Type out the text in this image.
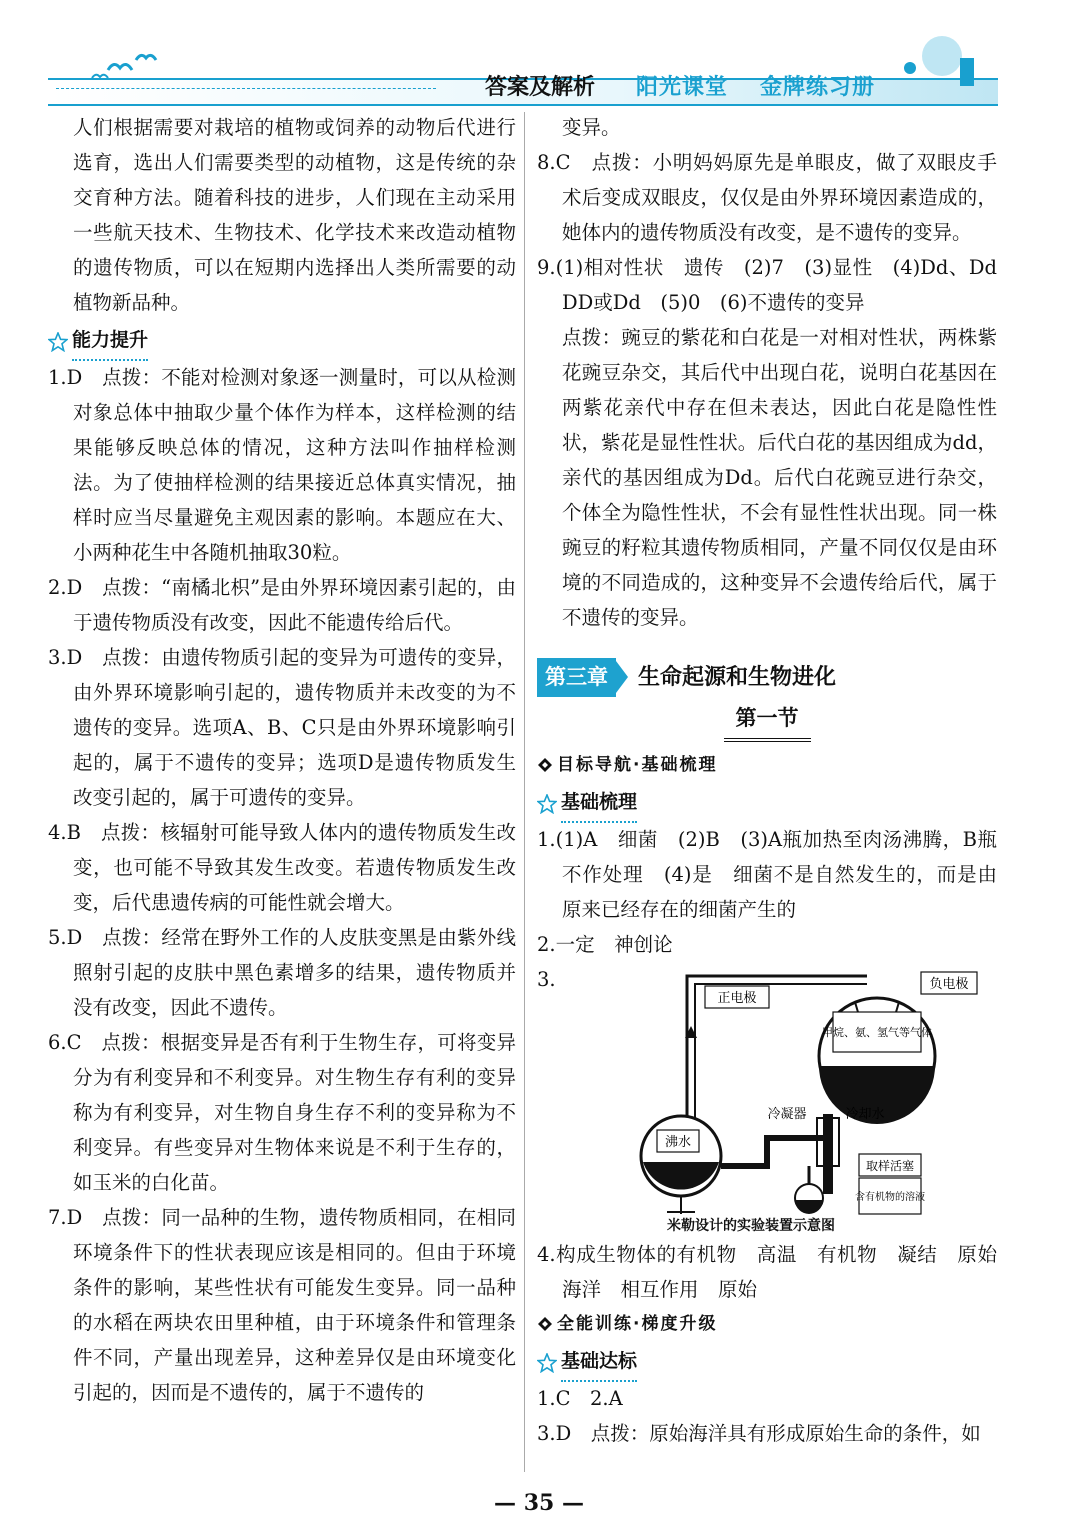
答案及解析 阳光课堂 金牌练习册

人们根据需要对栽培的植物或饲养的动物后代进行选育，选出人们需要类型的动植物，这是传统的杂交育种方法。随着科技的进步，人们现在主动采用一些航天技术、生物技术、化学技术来改造动植物的遗传物质，可以在短期内选择出人类所需要的动植物新品种。

能力提升

1.D　点拨：不能对检测对象逐一测量时，可以从检测对象总体中抽取少量个体作为样本，这样检测的结果能够反映总体的情况，这种方法叫作抽样检测法。为了使抽样检测的结果接近总体真实情况，抽样时应当尽量避免主观因素的影响。本题应在大、小两种花生中各随机抽取30粒。

2.D　点拨：“南橘北枳”是由外界环境因素引起的，由于遗传物质没有改变，因此不能遗传给后代。

3.D　点拨：由遗传物质引起的变异为可遗传的变异，由外界环境影响引起的，遗传物质并未改变的为不遗传的变异。选项A、B、C只是由外界环境影响引起的，属于不遗传的变异；选项D是遗传物质发生改变引起的，属于可遗传的变异。

4.B　点拨：核辐射可能导致人体内的遗传物质发生改变，也可能不导致其发生改变。若遗传物质发生改变，后代患遗传病的可能性就会增大。

5.D　点拨：经常在野外工作的人皮肤变黑是由紫外线照射引起的皮肤中黑色素增多的结果，遗传物质并没有改变，因此不遗传。

6.C　点拨：根据变异是否有利于生物生存，可将变异分为有利变异和不利变异。对生物生存有利的变异称为有利变异，对生物自身生存不利的变异称为不利变异。有些变异对生物体来说是不利于生存的，如玉米的白化苗。

7.D　点拨：同一品种的生物，遗传物质相同，在相同环境条件下的性状表现应该是相同的。但由于环境条件的影响，某些性状有可能发生变异。同一品种的水稻在两块农田里种植，由于环境条件和管理条件不同，产量出现差异，这种差异仅是由环境变化引起的，因而是不遗传的，属于不遗传的

变异。

8.C　点拨：小明妈妈原先是单眼皮，做了双眼皮手术后变成双眼皮，仅仅是由外界环境因素造成的，她体内的遗传物质没有改变，是不遗传的变异。

9.(1)相对性状　遗传　(2)7　(3)显性　(4)Dd、Dd　DD或Dd　(5)0　(6)不遗传的变异

点拨：豌豆的紫花和白花是一对相对性状，两株紫花豌豆杂交，其后代中出现白花，说明白花基因在两紫花亲代中存在但未表达，因此白花是隐性性状，紫花是显性性状。后代白花的基因组成为dd，亲代的基因组成为Dd。后代白花豌豆进行杂交，个体全为隐性性状，不会有显性性状出现。同一株豌豆的籽粒其遗传物质相同，产量不同仅仅是由环境的不同造成的，这种变异不会遗传给后代，属于不遗传的变异。

第三章	生命起源和生物进化
第一节
目标导航·基础梳理
基础梳理

1.(1)A　细菌　(2)B　(3)A瓶加热至肉汤沸腾，B瓶不作处理　(4)是　细菌不是自然发生的，而是由原来已经存在的细菌产生的

2.一定　神创论

3.
正电极
负电极
甲烷、氨、氢气等气体
沸水
冷凝器	冷却水
取样活塞
含有机物的溶液
米勒设计的实验装置示意图

4.构成生物体的有机物　高温　有机物　凝结　原始海洋　相互作用　原始

全能训练·梯度升级
基础达标

1.C　2.A

3.D　点拨：原始海洋具有形成原始生命的条件，如

— 35 —
